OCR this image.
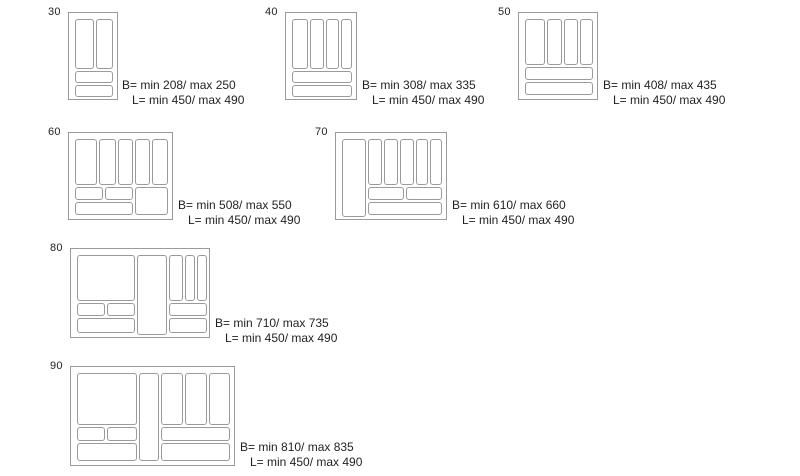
30
B= min 208/ max 250
L= min 450/ max 490
40
B= min 308/ max 335
L= min 450/ max 490
50
B= min 408/ max 435
L= min 450/ max 490
60
B= min 508/ max 550
L= min 450/ max 490
70
B= min 610/ max 660
L= min 450/ max 490
80
B= min 710/ max 735
L= min 450/ max 490
90
B= min 810/ max 835
L= min 450/ max 490
